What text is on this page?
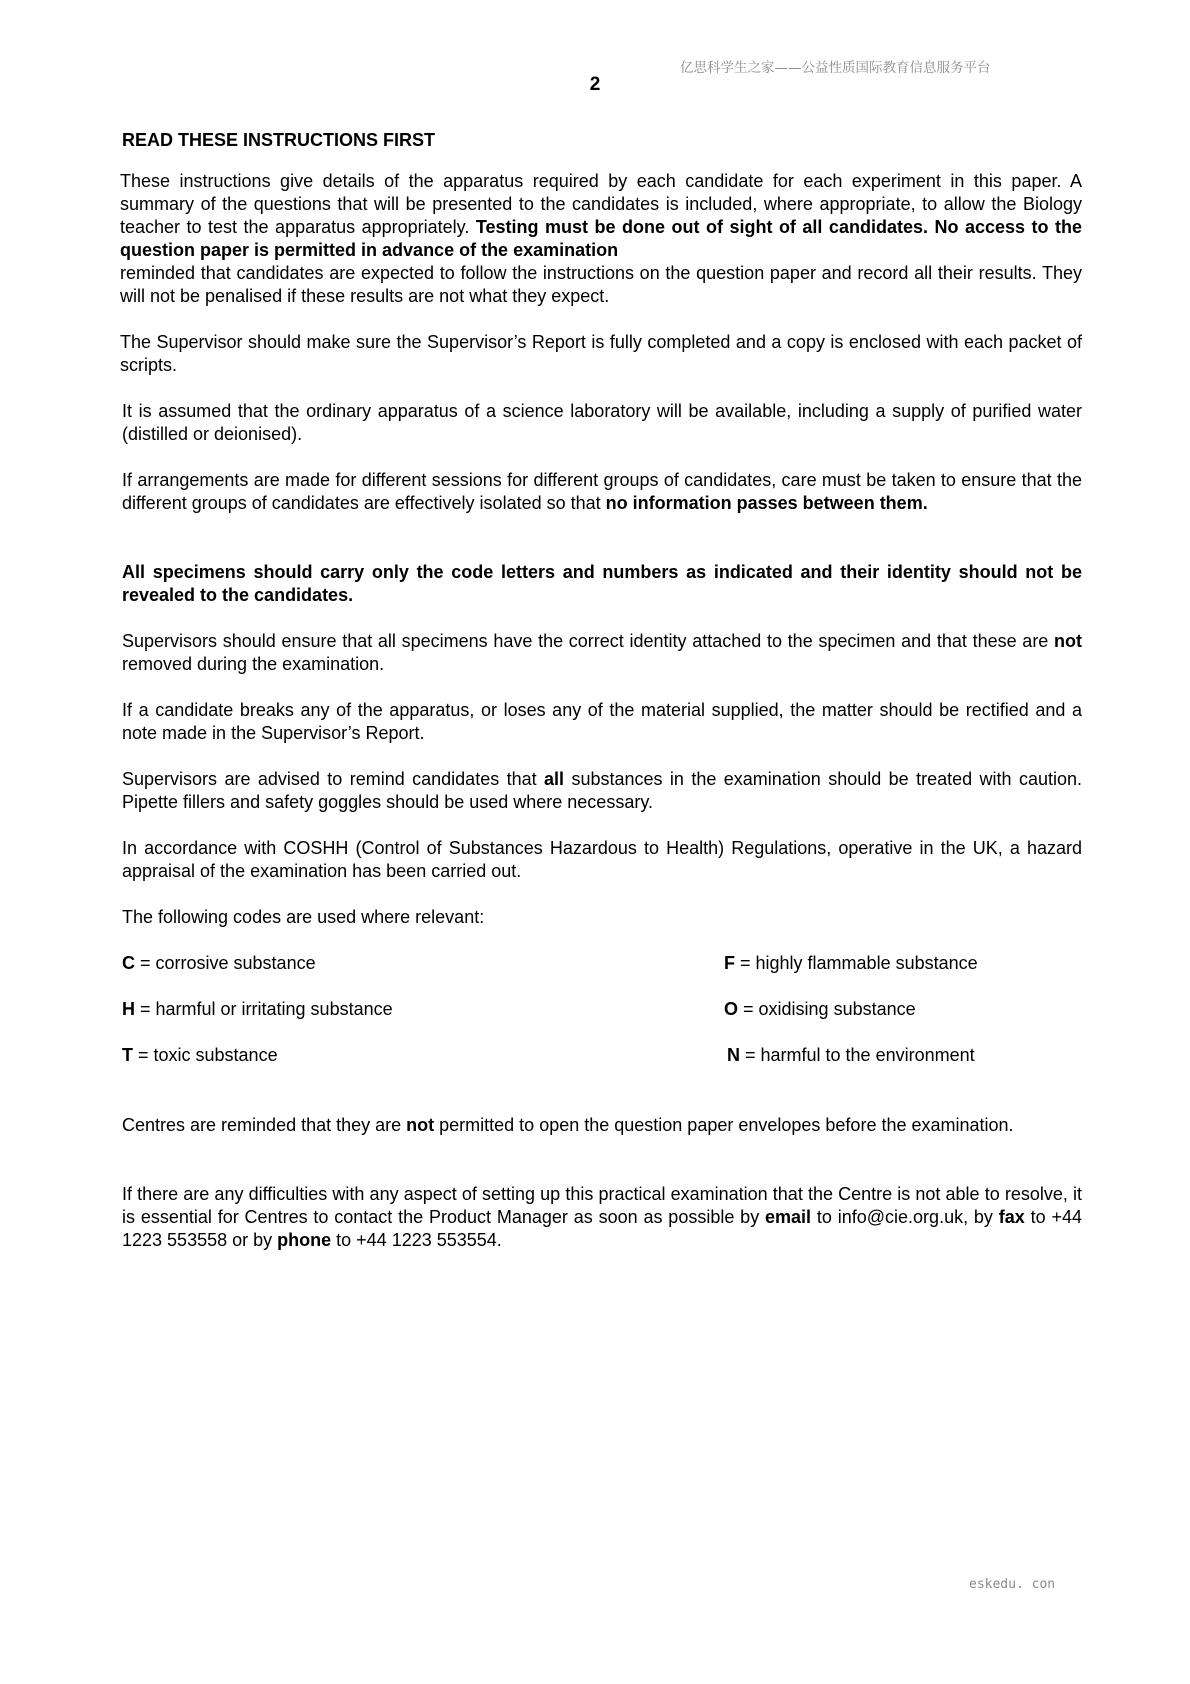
亿思科学生之家——公益性质国际教育信息服务平台
2
READ THESE INSTRUCTIONS FIRST

These instructions give details of the apparatus required by each candidate for each experiment in this paper. A summary of the questions that will be presented to the candidates is included, where appropriate, to allow the Biology teacher to test the apparatus appropriately. Testing must be done out of sight of all candidates. No access to the question paper is permitted in advance of the examination
reminded that candidates are expected to follow the instructions on the question paper and record all their results. They will not be penalised if these results are not what they expect.

The Supervisor should make sure the Supervisor’s Report is fully completed and a copy is enclosed with each packet of scripts.

It is assumed that the ordinary apparatus of a science laboratory will be available, including a supply of purified water (distilled or deionised).

If arrangements are made for different sessions for different groups of candidates, care must be taken to ensure that the different groups of candidates are effectively isolated so that no information passes between them.

All specimens should carry only the code letters and numbers as indicated and their identity should not be revealed to the candidates.

Supervisors should ensure that all specimens have the correct identity attached to the specimen and that these are not removed during the examination.

If a candidate breaks any of the apparatus, or loses any of the material supplied, the matter should be rectified and a note made in the Supervisor’s Report.

Supervisors are advised to remind candidates that all substances in the examination should be treated with caution. Pipette fillers and safety goggles should be used where necessary.

In accordance with COSHH (Control of Substances Hazardous to Health) Regulations, operative in the UK, a hazard appraisal of the examination has been carried out.

The following codes are used where relevant:

C = corrosive substance	F = highly flammable substance
H = harmful or irritating substance	O = oxidising substance
T = toxic substance	N = harmful to the environment

Centres are reminded that they are not permitted to open the question paper envelopes before the examination.

If there are any difficulties with any aspect of setting up this practical examination that the Centre is not able to resolve, it is essential for Centres to contact the Product Manager as soon as possible by email to info@cie.org.uk, by fax to +44 1223 553558 or by phone to +44 1223 553554.

eskedu. con
